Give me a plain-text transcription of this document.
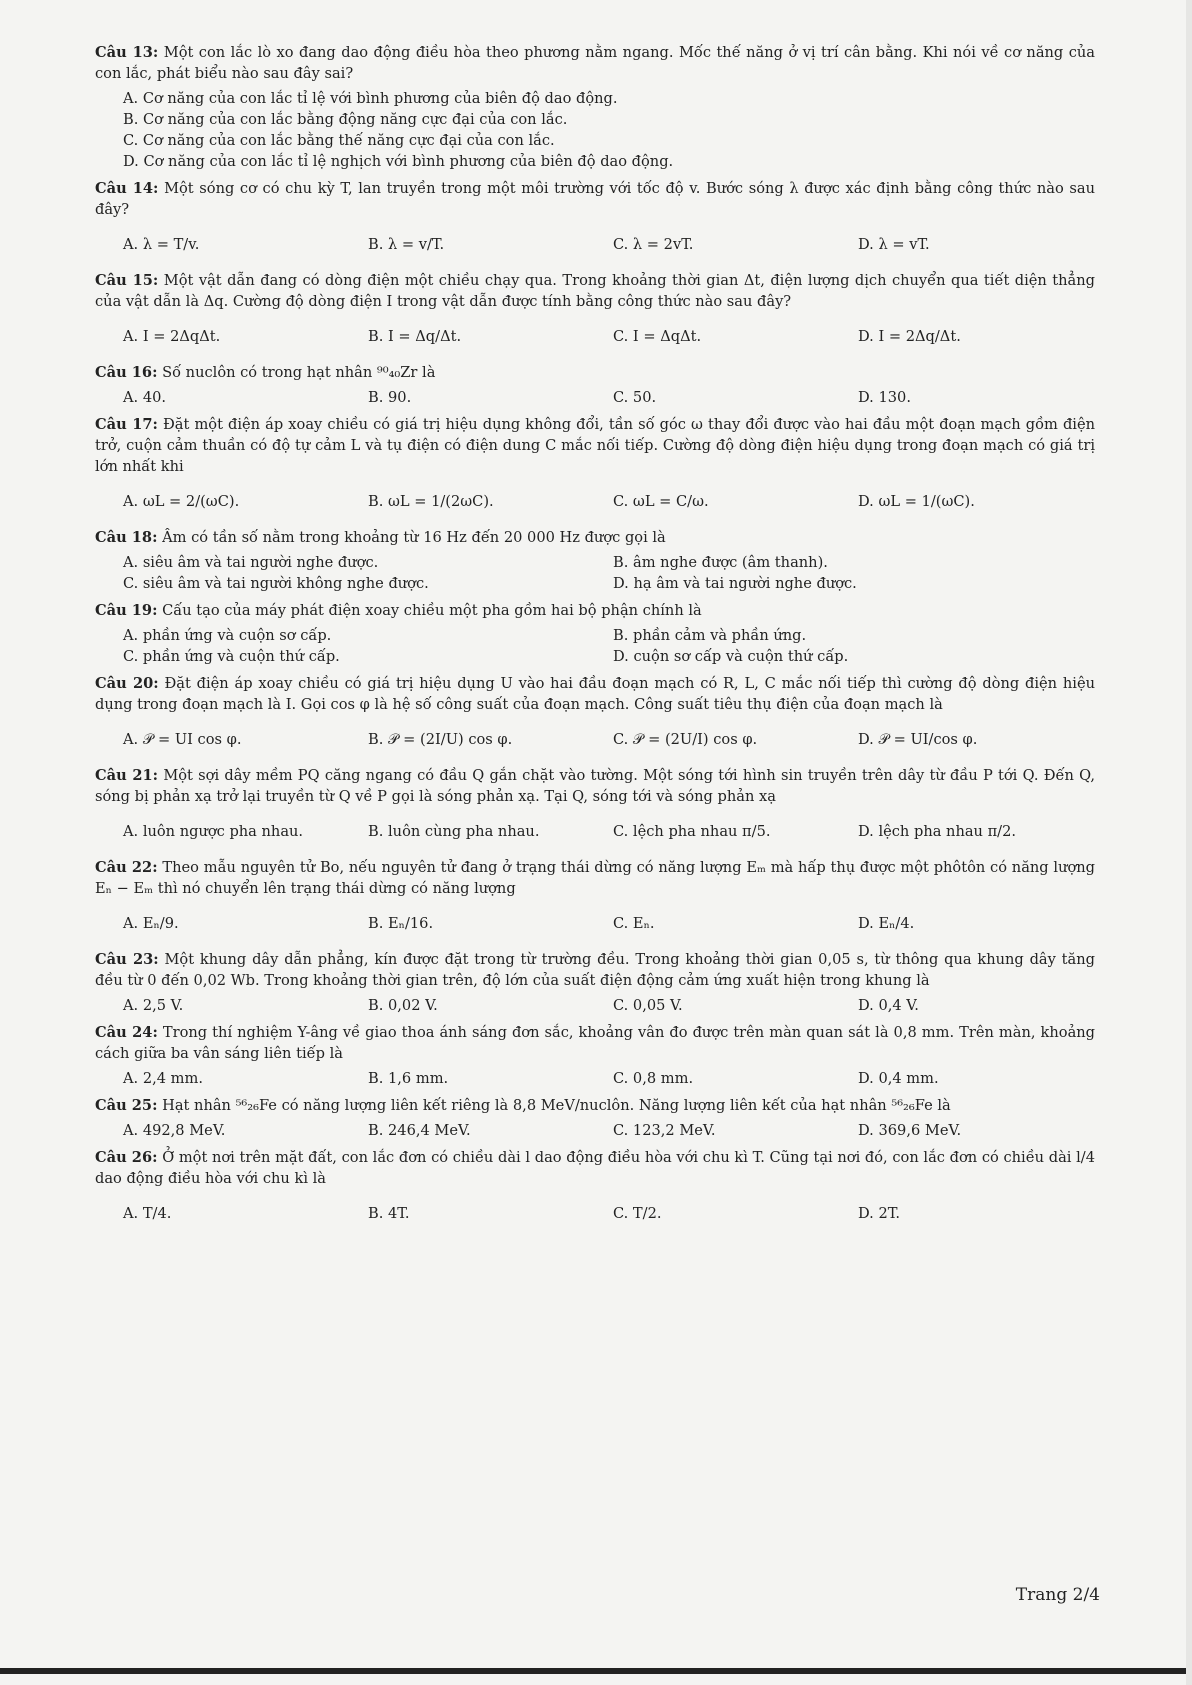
Câu 13: Một con lắc lò xo đang dao động điều hòa theo phương nằm ngang. Mốc thế năng ở vị trí cân bằng. Khi nói về cơ năng của con lắc, phát biểu nào sau đây sai?
A. Cơ năng của con lắc tỉ lệ với bình phương của biên độ dao động.
B. Cơ năng của con lắc bằng động năng cực đại của con lắc.
C. Cơ năng của con lắc bằng thế năng cực đại của con lắc.
D. Cơ năng của con lắc tỉ lệ nghịch với bình phương của biên độ dao động.
Câu 14: Một sóng cơ có chu kỳ T, lan truyền trong một môi trường với tốc độ v. Bước sóng λ được xác định bằng công thức nào sau đây?
A. λ = T/v.	B. λ = v/T.	C. λ = 2vT.	D. λ = vT.
Câu 15: Một vật dẫn đang có dòng điện một chiều chạy qua. Trong khoảng thời gian Δt, điện lượng dịch chuyển qua tiết diện thẳng của vật dẫn là Δq. Cường độ dòng điện I trong vật dẫn được tính bằng công thức nào sau đây?
A. I = 2ΔqΔt.	B. I = Δq/Δt.	C. I = ΔqΔt.	D. I = 2Δq/Δt.
Câu 16: Số nuclôn có trong hạt nhân ⁹⁰₄₀Zr là
A. 40.	B. 90.	C. 50.	D. 130.
Câu 17: Đặt một điện áp xoay chiều có giá trị hiệu dụng không đổi, tần số góc ω thay đổi được vào hai đầu một đoạn mạch gồm điện trở, cuộn cảm thuần có độ tự cảm L và tụ điện có điện dung C mắc nối tiếp. Cường độ dòng điện hiệu dụng trong đoạn mạch có giá trị lớn nhất khi
A. ωL = 2/(ωC).	B. ωL = 1/(2ωC).	C. ωL = C/ω.	D. ωL = 1/(ωC).
Câu 18: Âm có tần số nằm trong khoảng từ 16 Hz đến 20 000 Hz được gọi là
A. siêu âm và tai người nghe được.	B. âm nghe được (âm thanh).
C. siêu âm và tai người không nghe được.	D. hạ âm và tai người nghe được.
Câu 19: Cấu tạo của máy phát điện xoay chiều một pha gồm hai bộ phận chính là
A. phần ứng và cuộn sơ cấp.	B. phần cảm và phần ứng.
C. phần ứng và cuộn thứ cấp.	D. cuộn sơ cấp và cuộn thứ cấp.
Câu 20: Đặt điện áp xoay chiều có giá trị hiệu dụng U vào hai đầu đoạn mạch có R, L, C mắc nối tiếp thì cường độ dòng điện hiệu dụng trong đoạn mạch là I. Gọi cos φ là hệ số công suất của đoạn mạch. Công suất tiêu thụ điện của đoạn mạch là
A. 𝒫 = UI cos φ.	B. 𝒫 = (2I/U) cos φ.	C. 𝒫 = (2U/I) cos φ.	D. 𝒫 = UI/cos φ.
Câu 21: Một sợi dây mềm PQ căng ngang có đầu Q gắn chặt vào tường. Một sóng tới hình sin truyền trên dây từ đầu P tới Q. Đến Q, sóng bị phản xạ trở lại truyền từ Q về P gọi là sóng phản xạ. Tại Q, sóng tới và sóng phản xạ
A. luôn ngược pha nhau.	B. luôn cùng pha nhau.	C. lệch pha nhau π/5.	D. lệch pha nhau π/2.
Câu 22: Theo mẫu nguyên tử Bo, nếu nguyên tử đang ở trạng thái dừng có năng lượng Eₘ mà hấp thụ được một phôtôn có năng lượng Eₙ − Eₘ thì nó chuyển lên trạng thái dừng có năng lượng
A. Eₙ/9.	B. Eₙ/16.	C. Eₙ.	D. Eₙ/4.
Câu 23: Một khung dây dẫn phẳng, kín được đặt trong từ trường đều. Trong khoảng thời gian 0,05 s, từ thông qua khung dây tăng đều từ 0 đến 0,02 Wb. Trong khoảng thời gian trên, độ lớn của suất điện động cảm ứng xuất hiện trong khung là
A. 2,5 V.	B. 0,02 V.	C. 0,05 V.	D. 0,4 V.
Câu 24: Trong thí nghiệm Y-âng về giao thoa ánh sáng đơn sắc, khoảng vân đo được trên màn quan sát là 0,8 mm. Trên màn, khoảng cách giữa ba vân sáng liên tiếp là
A. 2,4 mm.	B. 1,6 mm.	C. 0,8 mm.	D. 0,4 mm.
Câu 25: Hạt nhân ⁵⁶₂₆Fe có năng lượng liên kết riêng là 8,8 MeV/nuclôn. Năng lượng liên kết của hạt nhân ⁵⁶₂₆Fe là
A. 492,8 MeV.	B. 246,4 MeV.	C. 123,2 MeV.	D. 369,6 MeV.
Câu 26: Ở một nơi trên mặt đất, con lắc đơn có chiều dài l dao động điều hòa với chu kì T. Cũng tại nơi đó, con lắc đơn có chiều dài l/4 dao động điều hòa với chu kì là
A. T/4.	B. 4T.	C. T/2.	D. 2T.
Trang 2/4
